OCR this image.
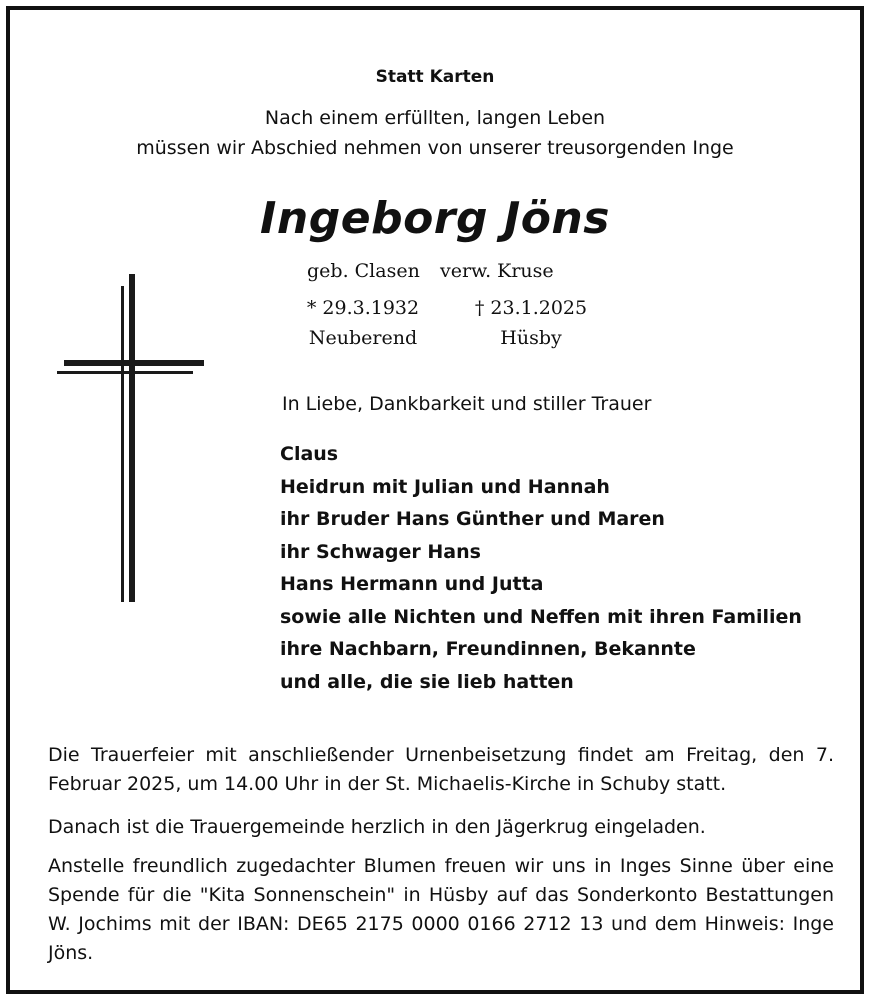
Statt Karten
Nach einem erfüllten, langen Leben
müssen wir Abschied nehmen von unserer treusorgenden Inge
Ingeborg Jöns
geb. Clasen verw. Kruse
* 29.3.1932
Neuberend
† 23.1.2025
Hüsby
In Liebe, Dankbarkeit und stiller Trauer
Claus
Heidrun mit Julian und Hannah
ihr Bruder Hans Günther und Maren
ihr Schwager Hans
Hans Hermann und Jutta
sowie alle Nichten und Neffen mit ihren Familien
ihre Nachbarn, Freundinnen, Bekannte
und alle, die sie lieb hatten

Die Trauerfeier mit anschließender Urnenbeisetzung findet am Freitag, den 7. Februar 2025, um 14.00 Uhr in der St. Michaelis-Kirche in Schuby statt.

Danach ist die Trauergemeinde herzlich in den Jägerkrug eingeladen.

Anstelle freundlich zugedachter Blumen freuen wir uns in Inges Sinne über eine Spende für die "Kita Sonnenschein" in Hüsby auf das Sonderkonto Bestattungen W. Jochims mit der IBAN: DE65 2175 0000 0166 2712 13 und dem Hinweis: Inge Jöns.
